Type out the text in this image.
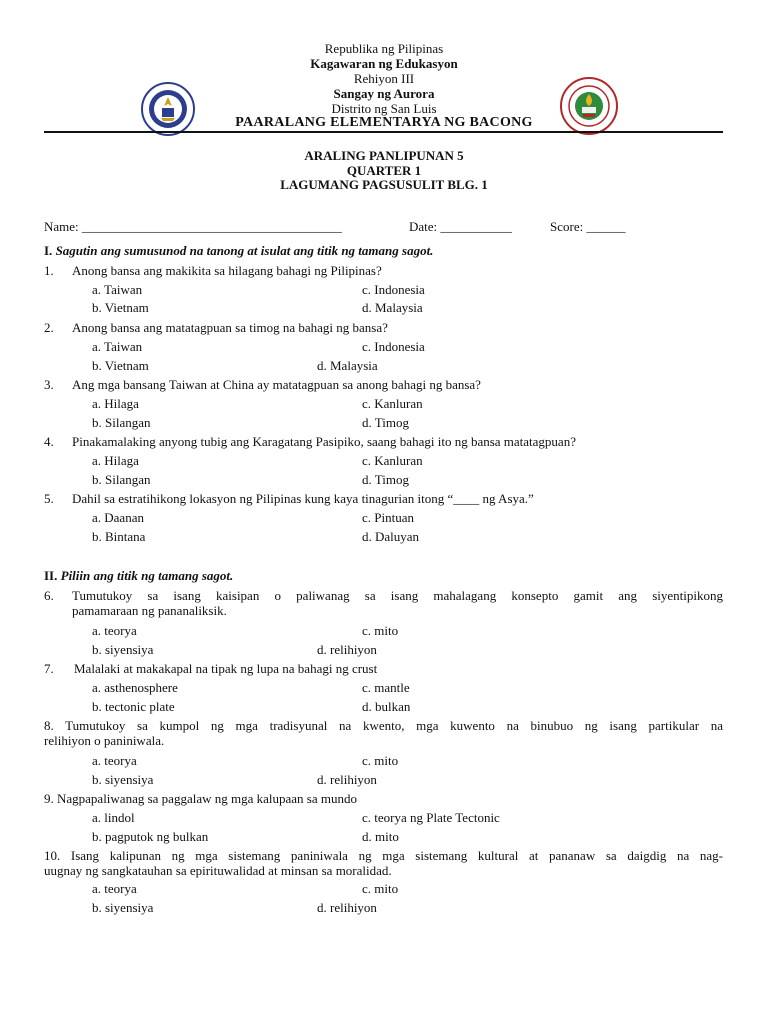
Republika ng Pilipinas
Kagawaran ng Edukasyon
Rehiyon III
Sangay ng Aurora
Distrito ng San Luis
PAARALANG ELEMENTARYA NG BACONG
ARALING PANLIPUNAN 5
QUARTER 1
LAGUMANG PAGSUSULIT BLG. 1
Name: ________________________________________	Date: ___________	Score: ______
I. Sagutin ang sumusunod na tanong at isulat ang titik ng tamang sagot.
1. Anong bansa ang makikita sa hilagang bahagi ng Pilipinas?
a. Taiwan	c. Indonesia
b. Vietnam	d. Malaysia
2. Anong bansa ang matatagpuan sa timog na bahagi ng bansa?
a. Taiwan	c. Indonesia
b. Vietnam	d. Malaysia
3. Ang mga bansang Taiwan at China ay matatagpuan sa anong bahagi ng bansa?
a. Hilaga	c. Kanluran
b. Silangan	d. Timog
4. Pinakamalaking anyong tubig ang Karagatang Pasipiko, saang bahagi ito ng bansa matatagpuan?
a. Hilaga	c. Kanluran
b. Silangan	d. Timog
5. Dahil sa estratihikong lokasyon ng Pilipinas kung kaya tinagurian itong “____ ng Asya.”
a. Daanan	c. Pintuan
b. Bintana	d. Daluyan
II. Piliin ang titik ng tamang sagot.
6. Tumutukoy sa isang kaisipan o paliwanag sa isang mahalagang konsepto gamit ang siyentipikong
pamamaraan ng pananaliksik.
a. teorya	c. mito
b. siyensiya	d. relihiyon
7. Malalaki at makakapal na tipak ng lupa na bahagi ng crust
a. asthenosphere	c. mantle
b. tectonic plate	d. bulkan
8. Tumutukoy sa kumpol ng mga tradisyunal na kwento, mga kuwento na binubuo ng isang partikular na
relihiyon o paniniwala.
a. teorya	c. mito
b. siyensiya	d. relihiyon
9. Nagpapaliwanag sa paggalaw ng mga kalupaan sa mundo
a. lindol	c. teorya ng Plate Tectonic
b. pagputok ng bulkan	d. mito
10. Isang kalipunan ng mga sistemang paniniwala ng mga sistemang kultural at pananaw sa daigdig na nag-
uugnay ng sangkatauhan sa epirituwalidad at minsan sa moralidad.
a. teorya	c. mito
b. siyensiya	d. relihiyon
